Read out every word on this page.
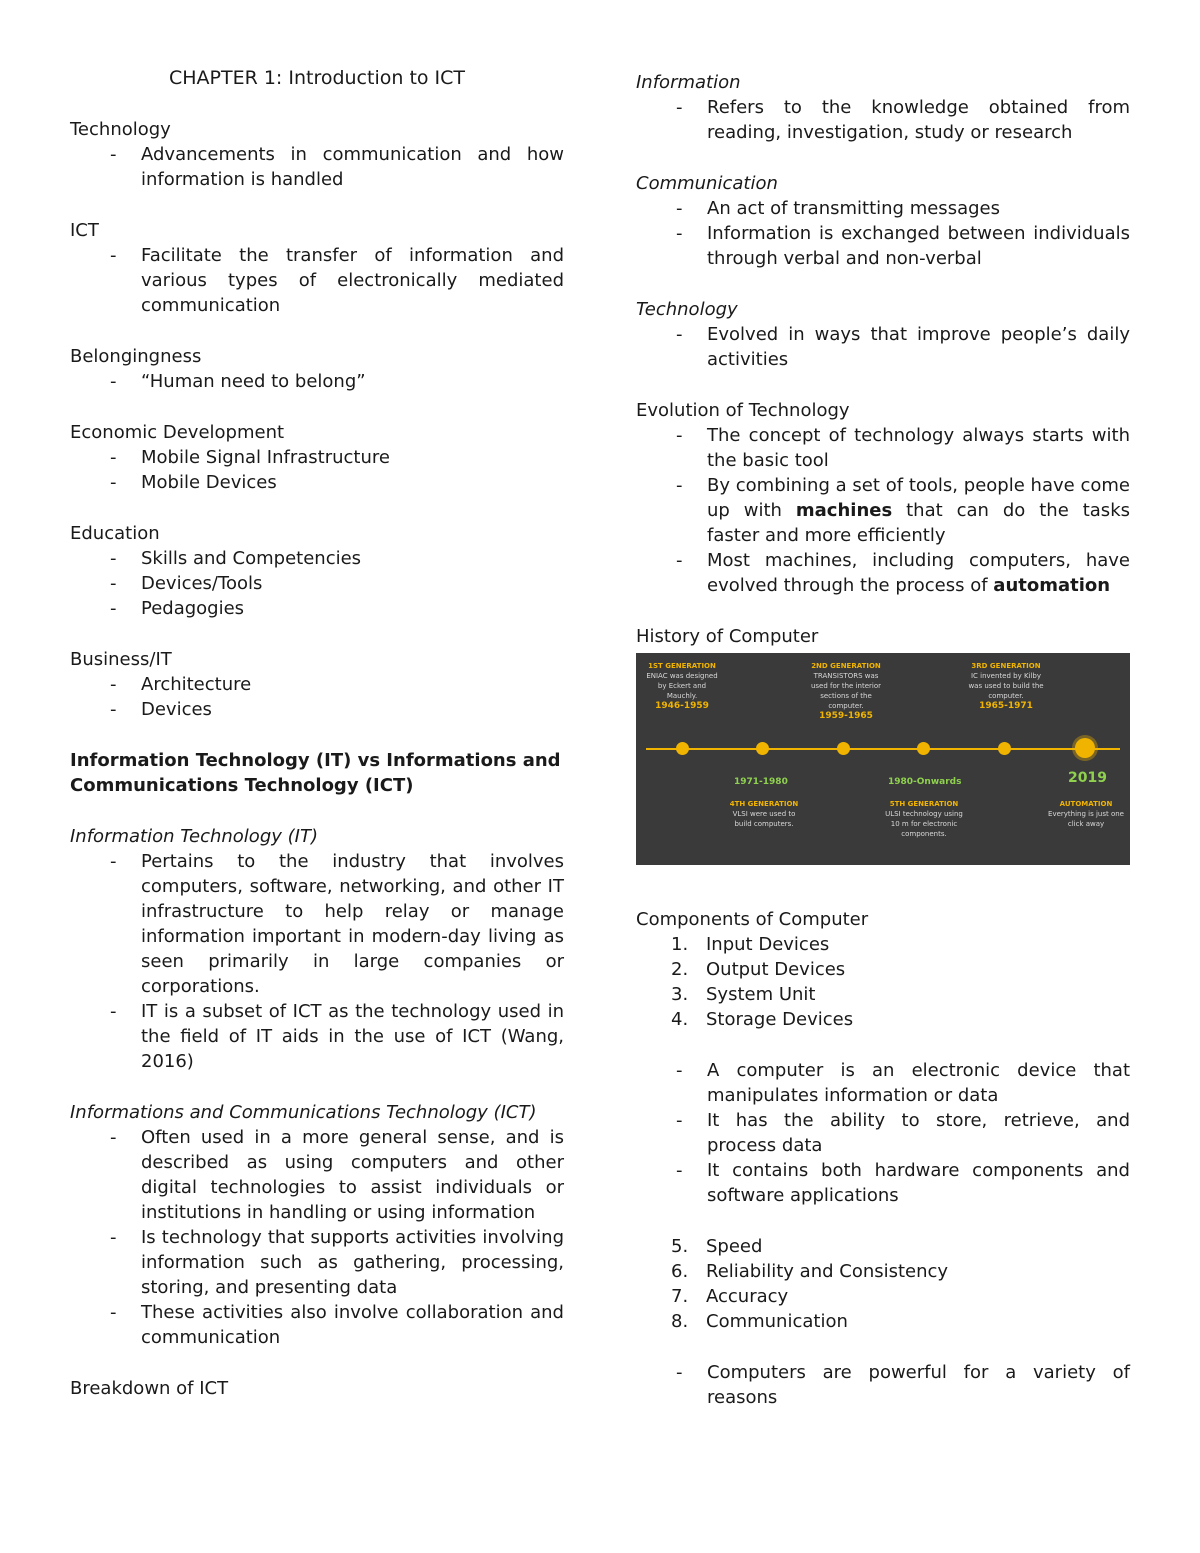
CHAPTER 1: Introduction to ICT
Technology
- Advancements in communication and how information is handled
ICT
- Facilitate the transfer of information and various types of electronically mediated communication
Belongingness
- “Human need to belong”
Economic Development
- Mobile Signal Infrastructure
- Mobile Devices
Education
- Skills and Competencies
- Devices/Tools
- Pedagogies
Business/IT
- Architecture
- Devices
Information Technology (IT) vs Informations and Communications Technology (ICT)
Information Technology (IT)
- Pertains to the industry that involves computers, software, networking, and other IT infrastructure to help relay or manage information important in modern-day living as seen primarily in large companies or corporations.
- IT is a subset of ICT as the technology used in the field of IT aids in the use of ICT (Wang, 2016)
Informations and Communications Technology (ICT)
- Often used in a more general sense, and is described as using computers and other digital technologies to assist individuals or institutions in handling or using information
- Is technology that supports activities involving information such as gathering, processing, storing, and presenting data
- These activities also involve collaboration and communication
Breakdown of ICT
Information
- Refers to the knowledge obtained from reading, investigation, study or research
Communication
- An act of transmitting messages
- Information is exchanged between individuals through verbal and non-verbal
Technology
- Evolved in ways that improve people’s daily activities
Evolution of Technology
- The concept of technology always starts with the basic tool
- By combining a set of tools, people have come up with machines that can do the tasks faster and more efficiently
- Most machines, including computers, have evolved through the process of automation
History of Computer
1ST GENERATION
ENIAC was designed by Eckert and Mauchly.
1946-1959
2ND GENERATION
TRANSISTORS was used for the interior sections of the computer.
1959-1965
3RD GENERATION
IC invented by Kilby was used to build the computer.
1965-1971
1971-1980	1980-Onwards	2019
4TH GENERATION
VLSI were used to build computers.
5TH GENERATION
ULSI technology using 10 m for electronic components.
AUTOMATION
Everything is just one click away
Components of Computer
1. Input Devices
2. Output Devices
3. System Unit
4. Storage Devices
- A computer is an electronic device that manipulates information or data
- It has the ability to store, retrieve, and process data
- It contains both hardware components and software applications
5. Speed
6. Reliability and Consistency
7. Accuracy
8. Communication
- Computers are powerful for a variety of reasons
